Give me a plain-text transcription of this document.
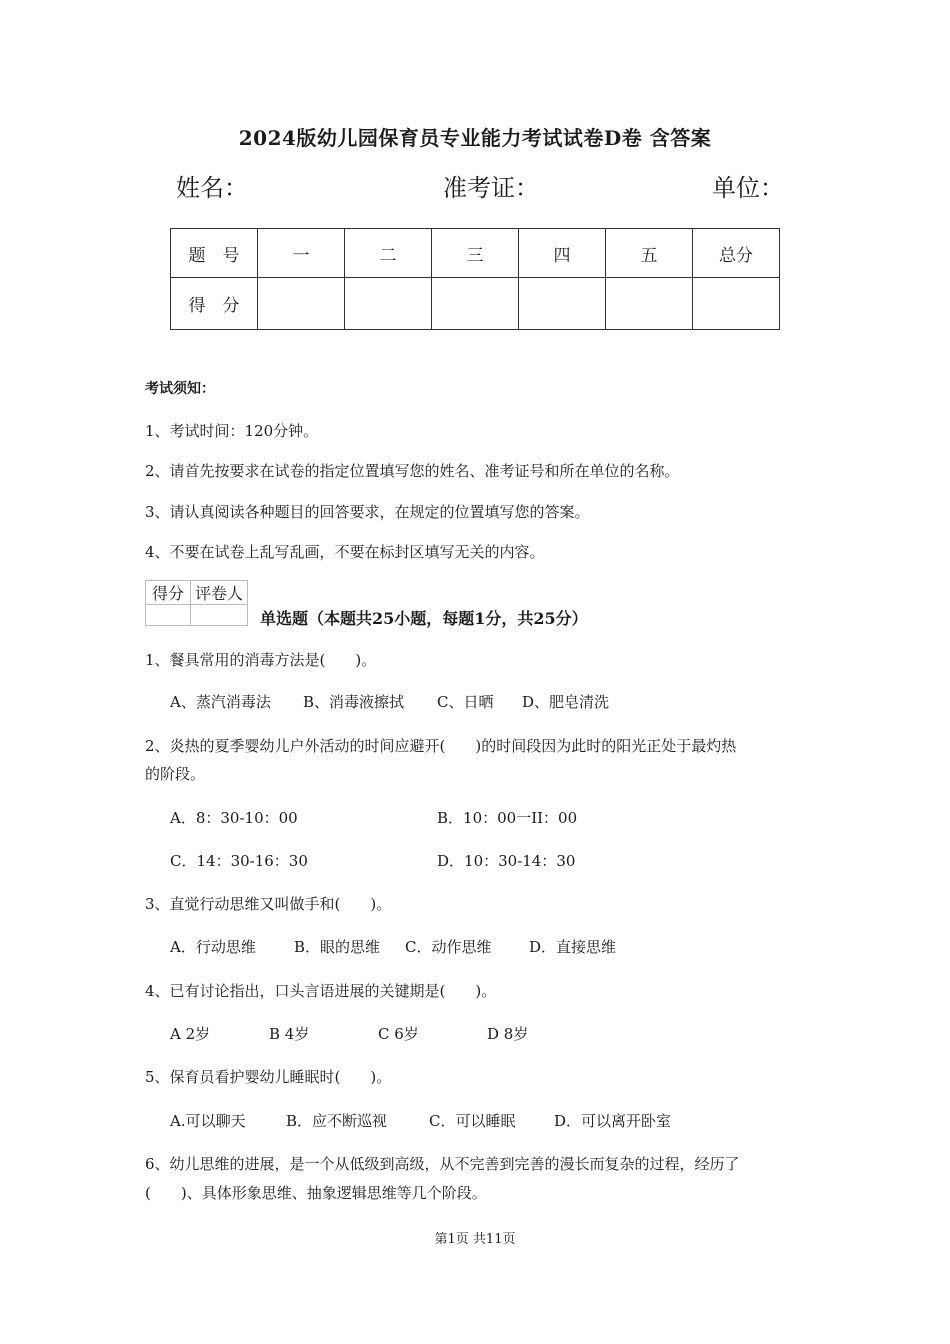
2024版幼儿园保育员专业能力考试试卷D卷 含答案
姓名：	准考证：	单位：
题　号	一	二	三	四	五	总分
得　分						
考试须知：
1、考试时间：120分钟。
2、请首先按要求在试卷的指定位置填写您的姓名、准考证号和所在单位的名称。
3、请认真阅读各种题目的回答要求，在规定的位置填写您的答案。
4、不要在试卷上乱写乱画，不要在标封区填写无关的内容。
得分	评卷人

单选题（本题共25小题，每题1分，共25分）
1、餐具常用的消毒方法是(　　)。
A、蒸汽消毒法 B、消毒液擦拭 C、日晒 D、肥皂清洗
2、炎热的夏季婴幼儿户外活动的时间应避开(　　)的时间段因为此时的阳光正处于最灼热
的阶段。
A．8：30-10：00	B．10：00一II：00
C．14：30-16：30	D．10：30-14：30
3、直觉行动思维又叫做手和(　　)。
A．行动思维	B．眼的思维 C．动作思维	D．直接思维
4、已有讨论指出，口头言语进展的关键期是(　　)。
A 2岁	B 4岁	C 6岁	D 8岁
5、保育员看护婴幼儿睡眠时(　　)。
A.可以聊天	B．应不断巡视	C．可以睡眠	D．可以离开卧室
6、幼儿思维的进展，是一个从低级到高级，从不完善到完善的漫长而复杂的过程，经历了
(　　)、具体形象思维、抽象逻辑思维等几个阶段。
第1页 共11页
